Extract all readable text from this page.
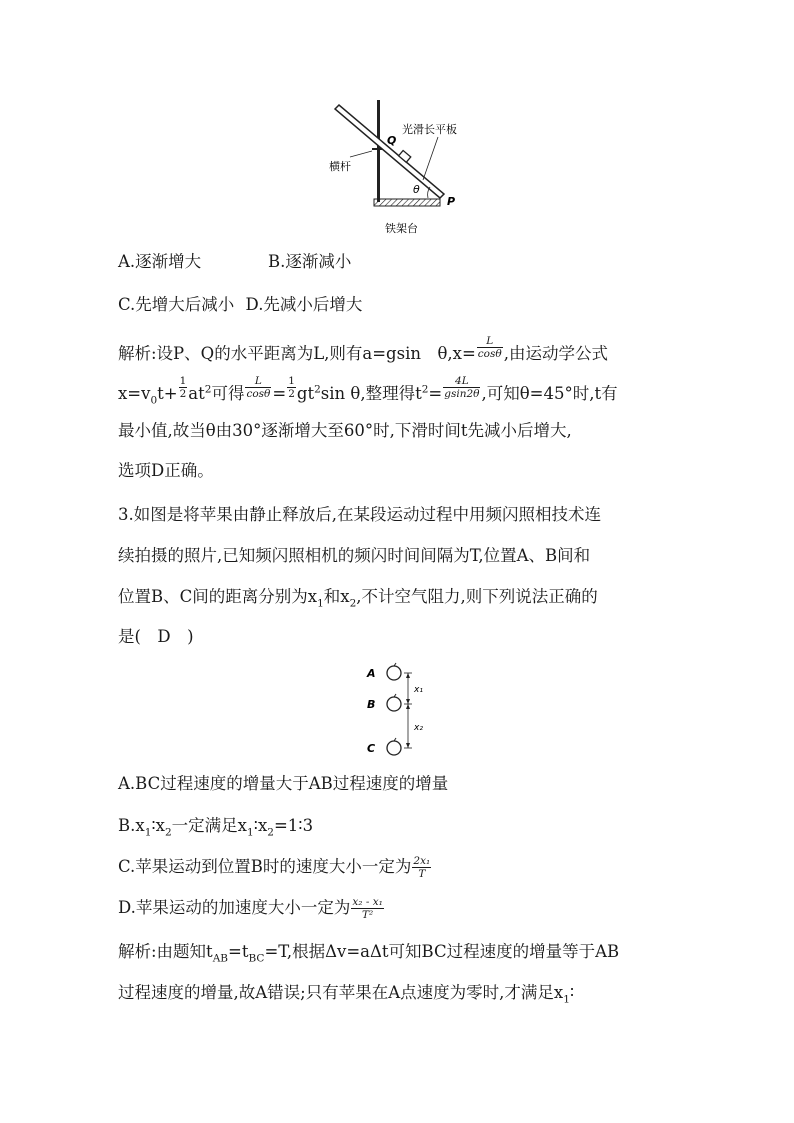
光滑长平板
Q
横杆
θ
P
铁架台
A.逐渐增大	B.逐渐减小
C.先增大后减小 D.先减小后增大
解析:设P、Q的水平距离为L,则有a=gsin　$\theta,x= \frac{L}{\cos\theta}$ ,由运动学公式
$x=v_0t+ \frac{1}{2} at^2$可得 $\frac{L}{\cos\theta} = \frac{1}{2} gt^2\sin$ θ,整理得$t^2= \frac{4L}{gsin2\theta}$ ,可知θ=45°时,t有
最小值,故当θ由30°逐渐增大至60°时,下滑时间t先减小后增大,
选项D正确。
3.如图是将苹果由静止释放后,在某段运动过程中用频闪照相技术连
续拍摄的照片,已知频闪照相机的频闪时间间隔为T,位置A、B间和
位置B、C间的距离分别为$x_1$和$x_2$,不计空气阻力,则下列说法正确的
是(　D　)
A
B
C
x₁
x₂
A.BC过程速度的增量大于AB过程速度的增量
$B.x_1∶x_2$一定满足$x_1∶x_2=1∶3$
C.苹果运动到位置B时的速度大小一定为 $\frac{\text{2x₁}}{T}$
D.苹果运动的加速度大小一定为 $\frac{\text{x₂ - x₁}}{\text{T²}}$
解析:由题知$t_{AB}=t_{BC}=T$,根据Δv=aΔt可知BC过程速度的增量等于AB
过程速度的增量,故A错误;只有苹果在A点速度为零时,才满足$x_1∶$
